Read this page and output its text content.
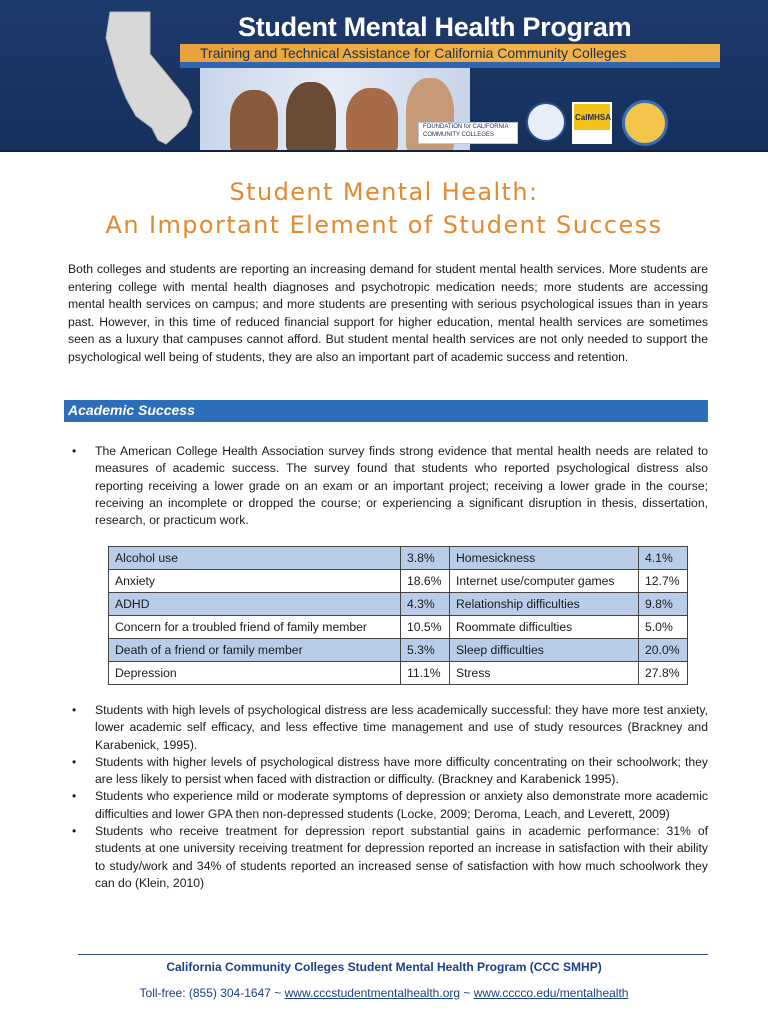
Student Mental Health Program
Training and Technical Assistance for California Community Colleges
FOUNDATION for CALIFORNIA COMMUNITY COLLEGES
CalMHSA
Student Mental Health:
An Important Element of Student Success

Both colleges and students are reporting an increasing demand for student mental health services. More students are entering college with mental health diagnoses and psychotropic medication needs; more students are accessing mental health services on campus; and more students are presenting with serious psychological issues than in years past. However, in this time of reduced financial support for higher education, mental health services are sometimes seen as a luxury that campuses cannot afford. But student mental health services are not only needed to support the psychological well being of students, they are also an important part of academic success and retention.

Academic Success
• The American College Health Association survey finds strong evidence that mental health needs are related to measures of academic success. The survey found that students who reported psychological distress also reporting receiving a lower grade on an exam or an important project; receiving a lower grade in the course; receiving an incomplete or dropped the course; or experiencing a significant disruption in thesis, dissertation, research, or practicum work.
Alcohol use	3.8%	Homesickness	4.1%
Anxiety	18.6%	Internet use/computer games	12.7%
ADHD	4.3%	Relationship difficulties	9.8%
Concern for a troubled friend of family member	10.5%	Roommate difficulties	5.0%
Death of a friend or family member	5.3%	Sleep difficulties	20.0%
Depression	11.1%	Stress	27.8%
• Students with high levels of psychological distress are less academically successful: they have more test anxiety, lower academic self efficacy, and less effective time management and use of study resources (Brackney and Karabenick, 1995).
• Students with higher levels of psychological distress have more difficulty concentrating on their schoolwork; they are less likely to persist when faced with distraction or difficulty. (Brackney and Karabenick 1995).
• Students who experience mild or moderate symptoms of depression or anxiety also demonstrate more academic difficulties and lower GPA then non-depressed students (Locke, 2009; Deroma, Leach, and Leverett, 2009)
• Students who receive treatment for depression report substantial gains in academic performance: 31% of students at one university receiving treatment for depression reported an increase in satisfaction with their ability to study/work and 34% of students reported an increased sense of satisfaction with how much schoolwork they can do (Klein, 2010)
California Community Colleges Student Mental Health Program (CCC SMHP)
Toll-free: (855) 304-1647 ~ www.cccstudentmentalhealth.org ~ www.cccco.edu/mentalhealth
